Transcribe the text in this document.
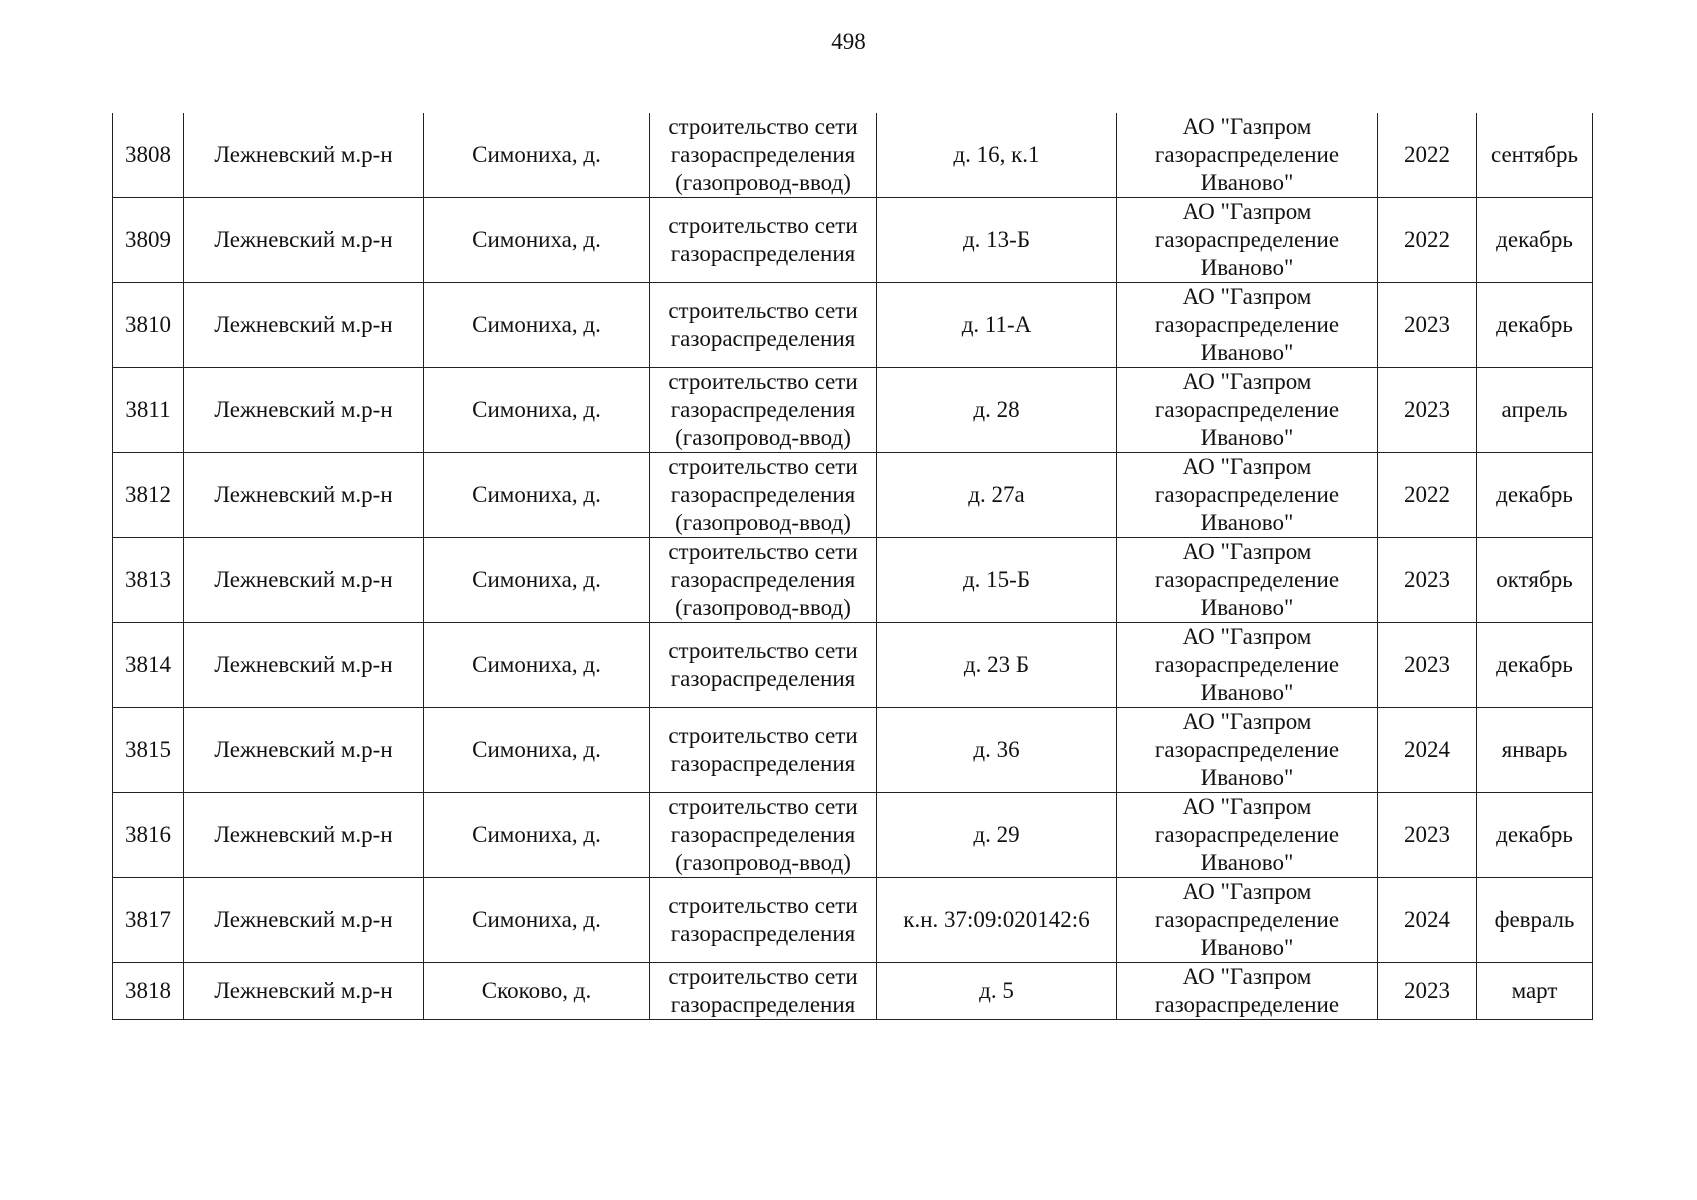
498
3808	Лежневский м.р-н	Симониха, д.	строительство сети
газораспределения
(газопровод-ввод)	д. 16, к.1	АО "Газпром
газораспределение
Иваново"	2022	сентябрь
3809	Лежневский м.р-н	Симониха, д.	строительство сети
газораспределения	д. 13-Б	АО "Газпром
газораспределение
Иваново"	2022	декабрь
3810	Лежневский м.р-н	Симониха, д.	строительство сети
газораспределения	д. 11-А	АО "Газпром
газораспределение
Иваново"	2023	декабрь
3811	Лежневский м.р-н	Симониха, д.	строительство сети
газораспределения
(газопровод-ввод)	д. 28	АО "Газпром
газораспределение
Иваново"	2023	апрель
3812	Лежневский м.р-н	Симониха, д.	строительство сети
газораспределения
(газопровод-ввод)	д. 27а	АО "Газпром
газораспределение
Иваново"	2022	декабрь
3813	Лежневский м.р-н	Симониха, д.	строительство сети
газораспределения
(газопровод-ввод)	д. 15-Б	АО "Газпром
газораспределение
Иваново"	2023	октябрь
3814	Лежневский м.р-н	Симониха, д.	строительство сети
газораспределения	д. 23 Б	АО "Газпром
газораспределение
Иваново"	2023	декабрь
3815	Лежневский м.р-н	Симониха, д.	строительство сети
газораспределения	д. 36	АО "Газпром
газораспределение
Иваново"	2024	январь
3816	Лежневский м.р-н	Симониха, д.	строительство сети
газораспределения
(газопровод-ввод)	д. 29	АО "Газпром
газораспределение
Иваново"	2023	декабрь
3817	Лежневский м.р-н	Симониха, д.	строительство сети
газораспределения	к.н. 37:09:020142:6	АО "Газпром
газораспределение
Иваново"	2024	февраль
3818	Лежневский м.р-н	Скоково, д.	строительство сети
газораспределения	д. 5	АО "Газпром
газораспределение	2023	март
